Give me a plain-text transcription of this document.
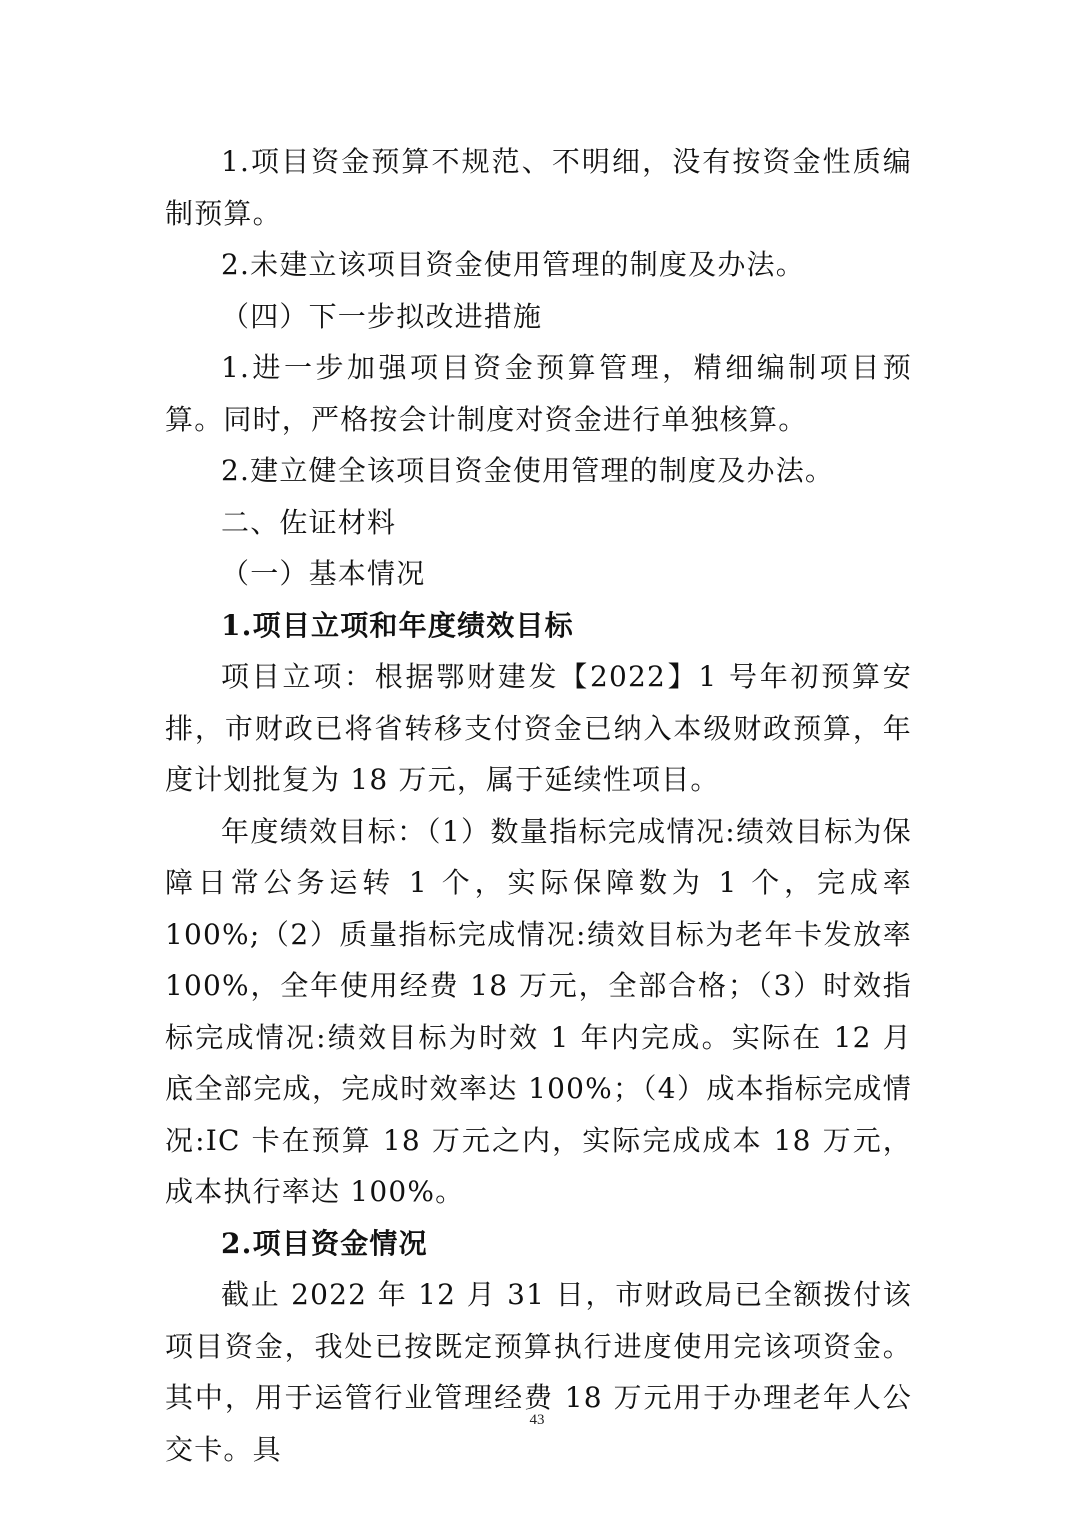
1.项目资金预算不规范、不明细，没有按资金性质编制预算。

2.未建立该项目资金使用管理的制度及办法。

（四）下一步拟改进措施

1.进一步加强项目资金预算管理，精细编制项目预算。同时，严格按会计制度对资金进行单独核算。

2.建立健全该项目资金使用管理的制度及办法。

二、佐证材料

（一）基本情况

1.项目立项和年度绩效目标

项目立项：根据鄂财建发【2022】1 号年初预算安排，市财政已将省转移支付资金已纳入本级财政预算，年度计划批复为 18 万元，属于延续性项目。

年度绩效目标：（1）数量指标完成情况:绩效目标为保障日常公务运转 1 个，实际保障数为 1 个，完成率 100%;（2）质量指标完成情况:绩效目标为老年卡发放率 100%，全年使用经费 18 万元，全部合格；（3）时效指标完成情况:绩效目标为时效 1 年内完成。实际在 12 月底全部完成，完成时效率达 100%；（4）成本指标完成情况:IC 卡在预算 18 万元之内，实际完成成本 18 万元，成本执行率达 100%。

2.项目资金情况

截止 2022 年 12 月 31 日，市财政局已全额拨付该项目资金，我处已按既定预算执行进度使用完该项资金。其中，用于运管行业管理经费 18 万元用于办理老年人公交卡。具

43
